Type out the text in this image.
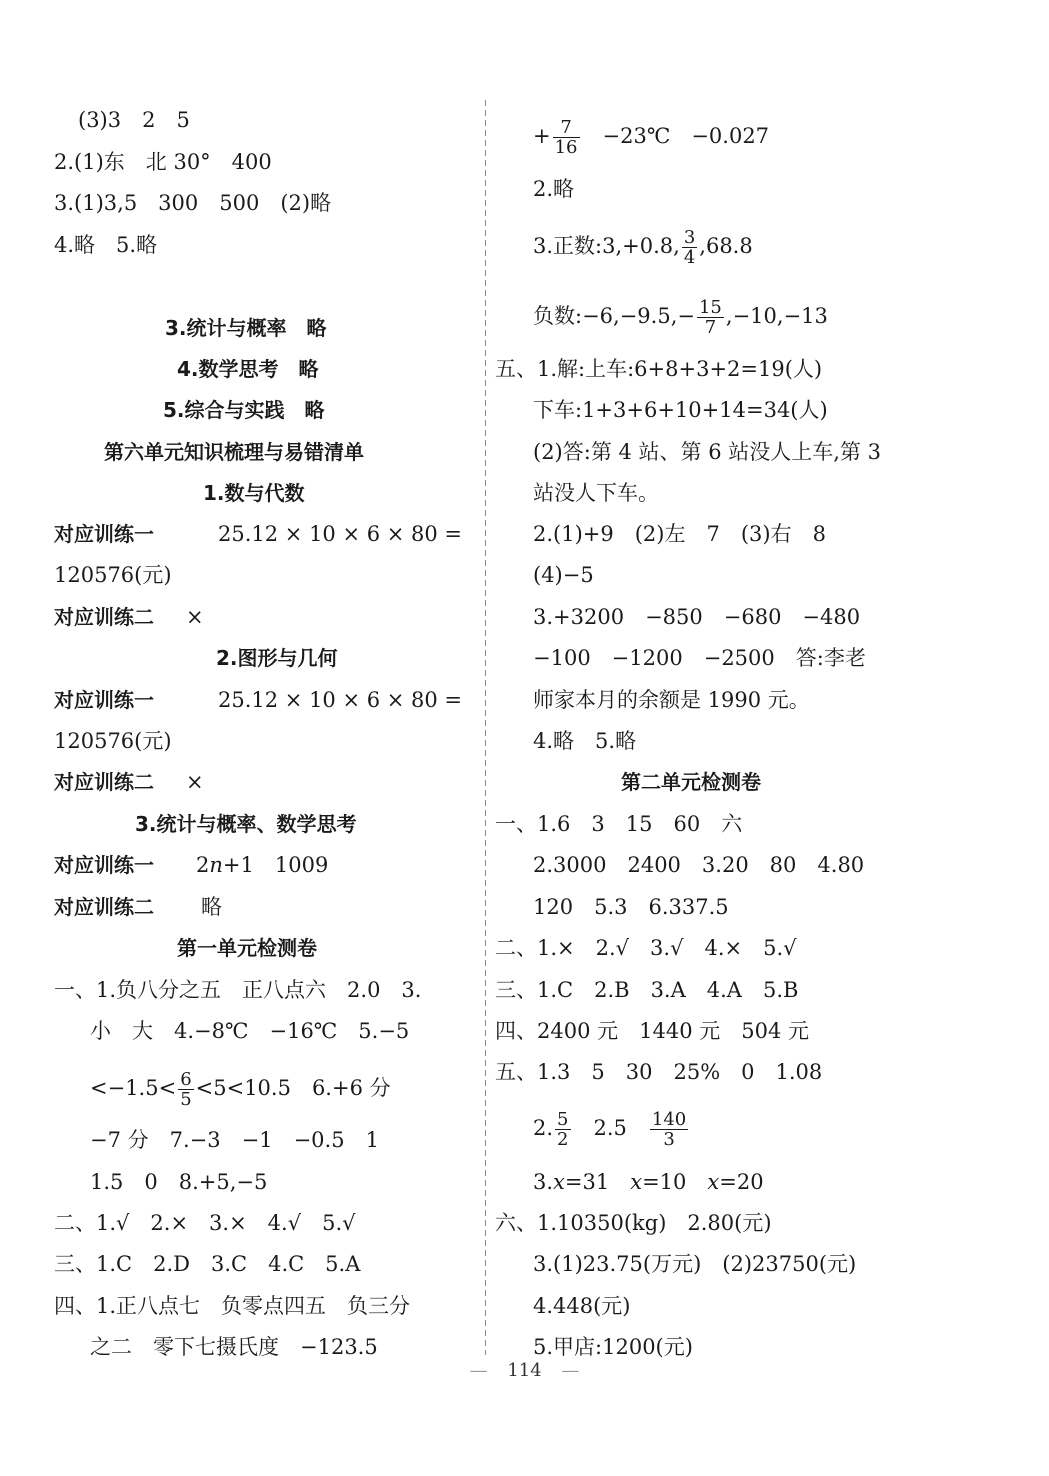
(3)3　2　5
2.(1)东　北 30°　400
3.(1)3,5　300　500　(2)略
4.略　5.略
3.统计与概率　略
4.数学思考　略
5.综合与实践　略
第六单元知识梳理与易错清单
1.数与代数
对应训练一	25.12 × 10 × 6 × 80 =
120576(元)
对应训练二 ×
2.图形与几何
对应训练一	25.12 × 10 × 6 × 80 =
120576(元)
对应训练二 ×
3.统计与概率、数学思考
对应训练一 2n+1　1009
对应训练二 略
第一单元检测卷
一、1.负八分之五　正八点六　2.0　3.
小　大　4.−8℃　−16℃　5.−5
$<-1.5< \frac{6}{5} <5<10.5$　6.+6 分
−7 分　7.−3　−1　−0.5　1
1.5　0　8.+5,−5
二、1.√　2.×　3.×　4.√　5.√
三、1.C　2.D　3.C　4.C　5.A
四、1.正八点七　负零点四五　负三分
之二　零下七摄氏度　−123.5
+ $\frac{7}{16}$ 　−23℃　−0.027
2.略
3.正数:3,+0.8, $\frac{3}{4} ,68.8$
负数:−6,−9.5,− $\frac{15}{7} ,-10,-13$
五、1.解:上车:6+8+3+2=19(人)
下车:1+3+6+10+14=34(人)
(2)答:第 4 站、第 6 站没人上车,第 3
站没人下车。
2.(1)+9　(2)左　7　(3)右　8
(4)−5
3.+3200　−850　−680　−480
−100　−1200　−2500　答:李老
师家本月的余额是 1990 元。
4.略　5.略
第二单元检测卷
一、1.6　3　15　60　六
2.3000　2400　3.20　80　4.80
120　5.3　6.337.5
二、1.×　2.√　3.√　4.×　5.√
三、1.C　2.B　3.A　4.A　5.B
四、2400 元　1440 元　504 元
五、1.3　5　30　25%　0　1.08
2. $\frac{5}{2}$ 　2.5　 $\frac{140}{3}$
3.x=31　x=10　x=20
六、1.10350(kg)　2.80(元)
3.(1)23.75(万元)　(2)23750(元)
4.448(元)
5.甲店:1200(元)
— 114 —
